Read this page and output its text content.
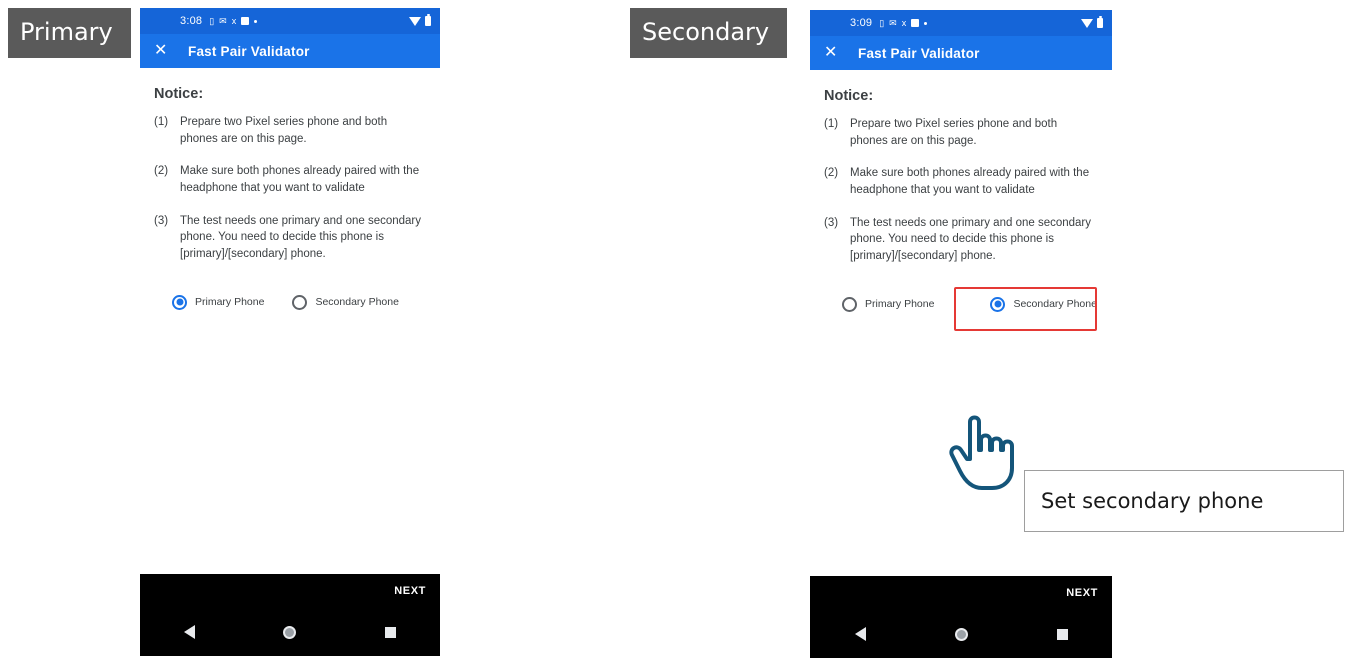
3:08 ▯ ✉ x
✕	Fast Pair Validator
Notice:
(1)	Prepare two Pixel series phone and both phones are on this page.
(2)	Make sure both phones already paired with the headphone that you want to validate
(3)	The test needs one primary and one secondary phone. You need to decide this phone is [primary]/[secondary] phone.
Primary Phone	Secondary Phone
NEXT
3:09 ▯ ✉ x
✕	Fast Pair Validator
Notice:
(1)	Prepare two Pixel series phone and both phones are on this page.
(2)	Make sure both phones already paired with the headphone that you want to validate
(3)	The test needs one primary and one secondary phone. You need to decide this phone is [primary]/[secondary] phone.
Primary Phone	Secondary Phone
NEXT
Primary	Secondary
Set secondary phone
